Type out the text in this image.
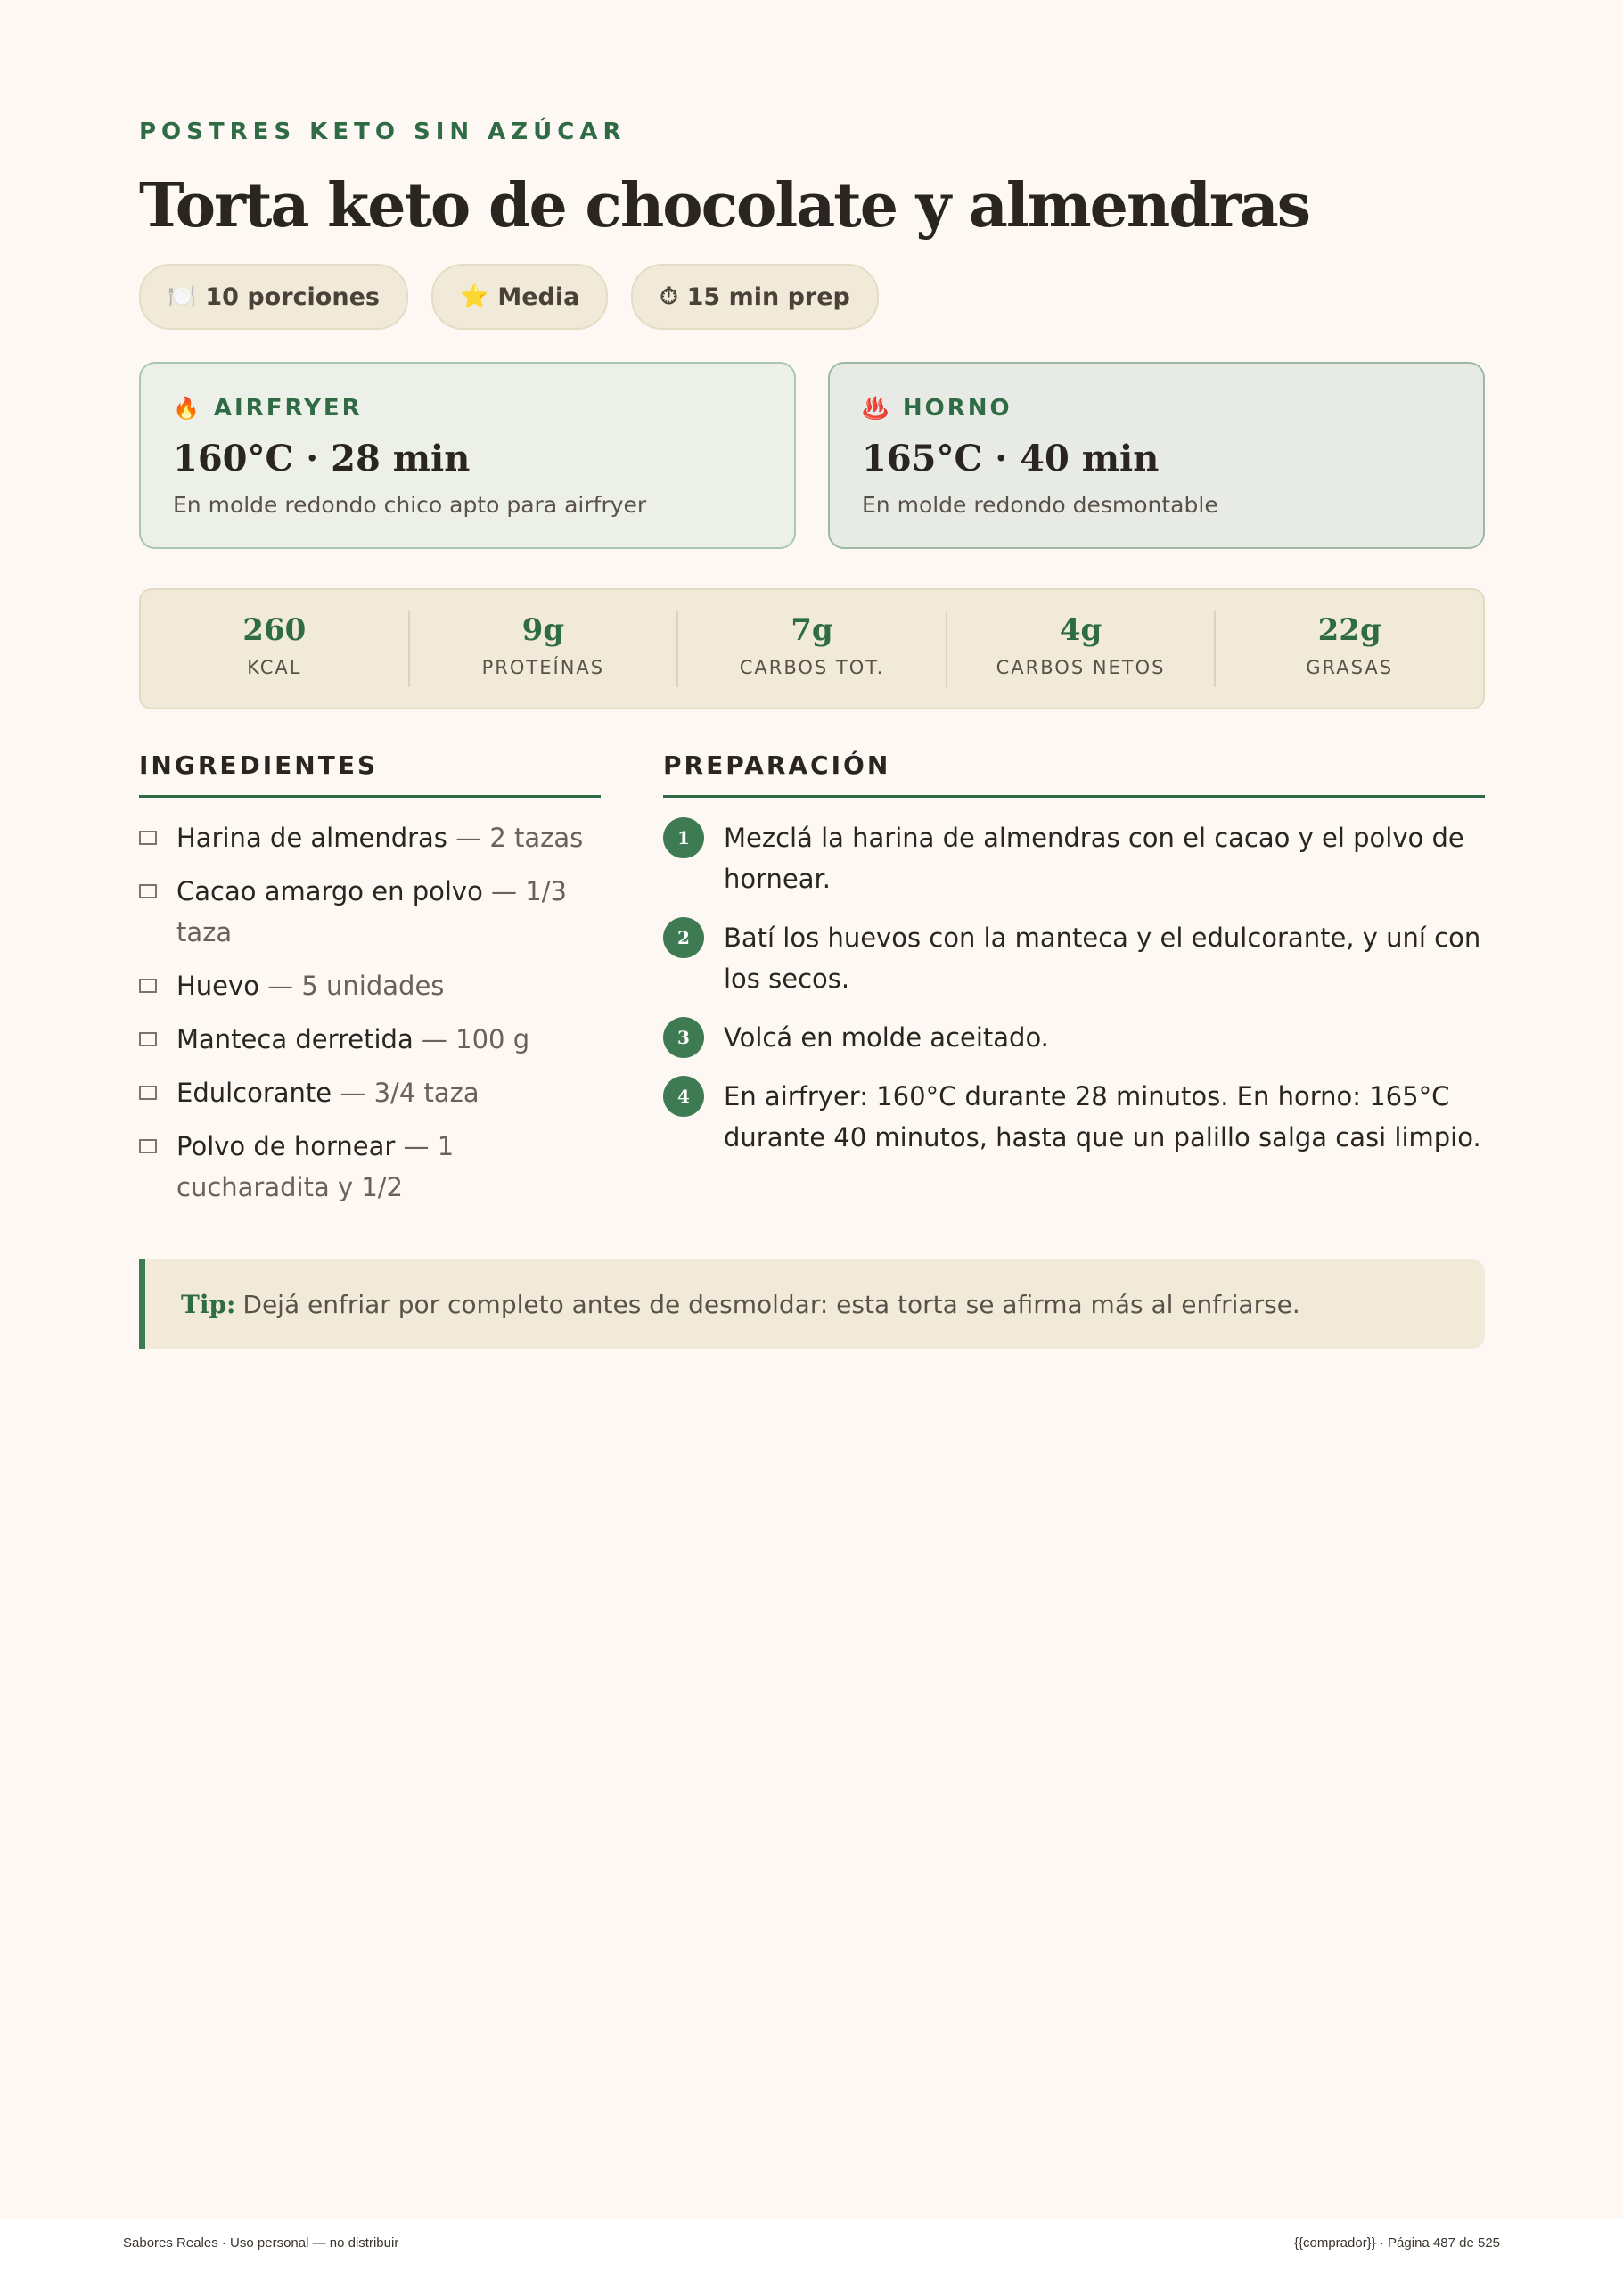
POSTRES KETO SIN AZÚCAR

Torta keto de chocolate y almendras
🍽️ 10 porciones	⭐ Media	⏱ 15 min prep
🔥 AIRFRYER
160°C · 28 min
En molde redondo chico apto para airfryer
♨️ HORNO
165°C · 40 min
En molde redondo desmontable
260
KCAL
9g
PROTEÍNAS
7g
CARBOS TOT.
4g
CARBOS NETOS
22g
GRASAS
INGREDIENTES
Harina de almendras — 2 tazas
Cacao amargo en polvo — 1/3 taza
Huevo — 5 unidades
Manteca derretida — 100 g
Edulcorante — 3/4 taza
Polvo de hornear — 1 cucharadita y 1/2
PREPARACIÓN
1	Mezclá la harina de almendras con el cacao y el polvo de hornear.
2	Batí los huevos con la manteca y el edulcorante, y uní con los secos.
3	Volcá en molde aceitado.
4	En airfryer: 160°C durante 28 minutos. En horno: 165°C durante 40 minutos, hasta que un palillo salga casi limpio.
Tip: Dejá enfriar por completo antes de desmoldar: esta torta se afirma más al enfriarse.
Sabores Reales · Uso personal — no distribuir	{{comprador}} · Página 487 de 525
